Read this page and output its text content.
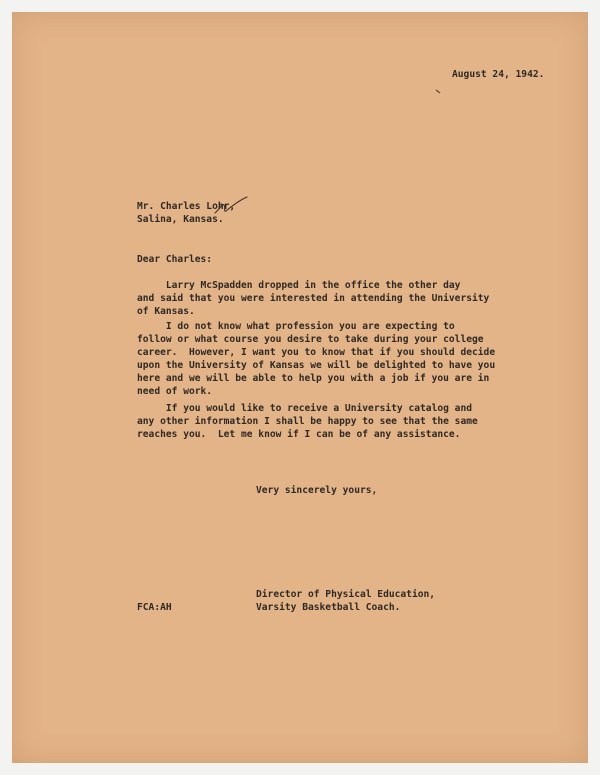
August 24, 1942.
Mr. Charles Lohr,
Salina, Kansas.
Dear Charles:
Larry McSpadden dropped in the office the other day
and said that you were interested in attending the University
of Kansas.
I do not know what profession you are expecting to
follow or what course you desire to take during your college
career.  However, I want you to know that if you should decide
upon the University of Kansas we will be delighted to have you
here and we will be able to help you with a job if you are in
need of work.
If you would like to receive a University catalog and
any other information I shall be happy to see that the same
reaches you.  Let me know if I can be of any assistance.
Very sincerely yours,
Director of Physical Education,
Varsity Basketball Coach.
FCA:AH
